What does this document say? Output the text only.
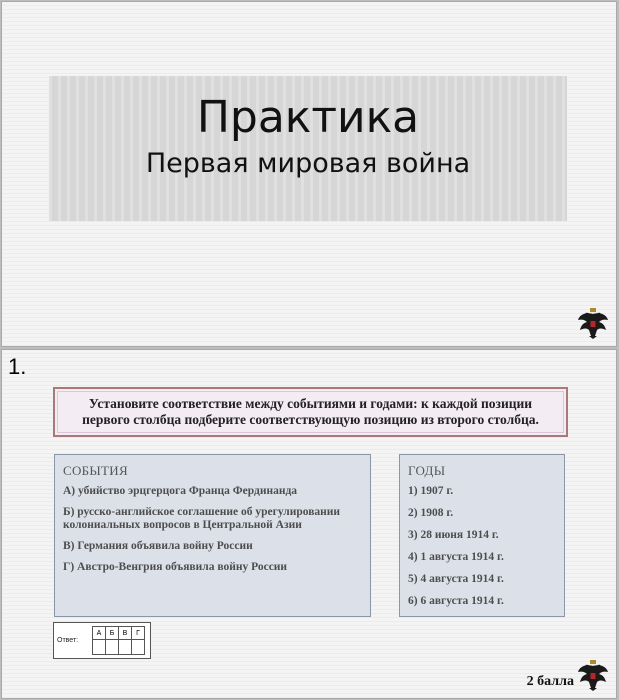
Практика
Первая мировая война
1.
Установите соответствие между событиями и годами: к каждой позиции первого столбца подберите соответствующую позицию из второго столбца.
СОБЫТИЯ
А) убийство эрцгерцога Франца Фердинанда
Б) русско-английское соглашение об урегулировании колониальных вопросов в Центральной Азии
В) Германия объявила войну России
Г) Австро-Венгрия объявила войну России
ГОДЫ
1) 1907 г.
2) 1908 г.
3) 28 июня 1914 г.
4) 1 августа 1914 г.
5) 4 августа 1914 г.
6) 6 августа 1914 г.
Ответ:
А	Б	В	Г

2 балла
